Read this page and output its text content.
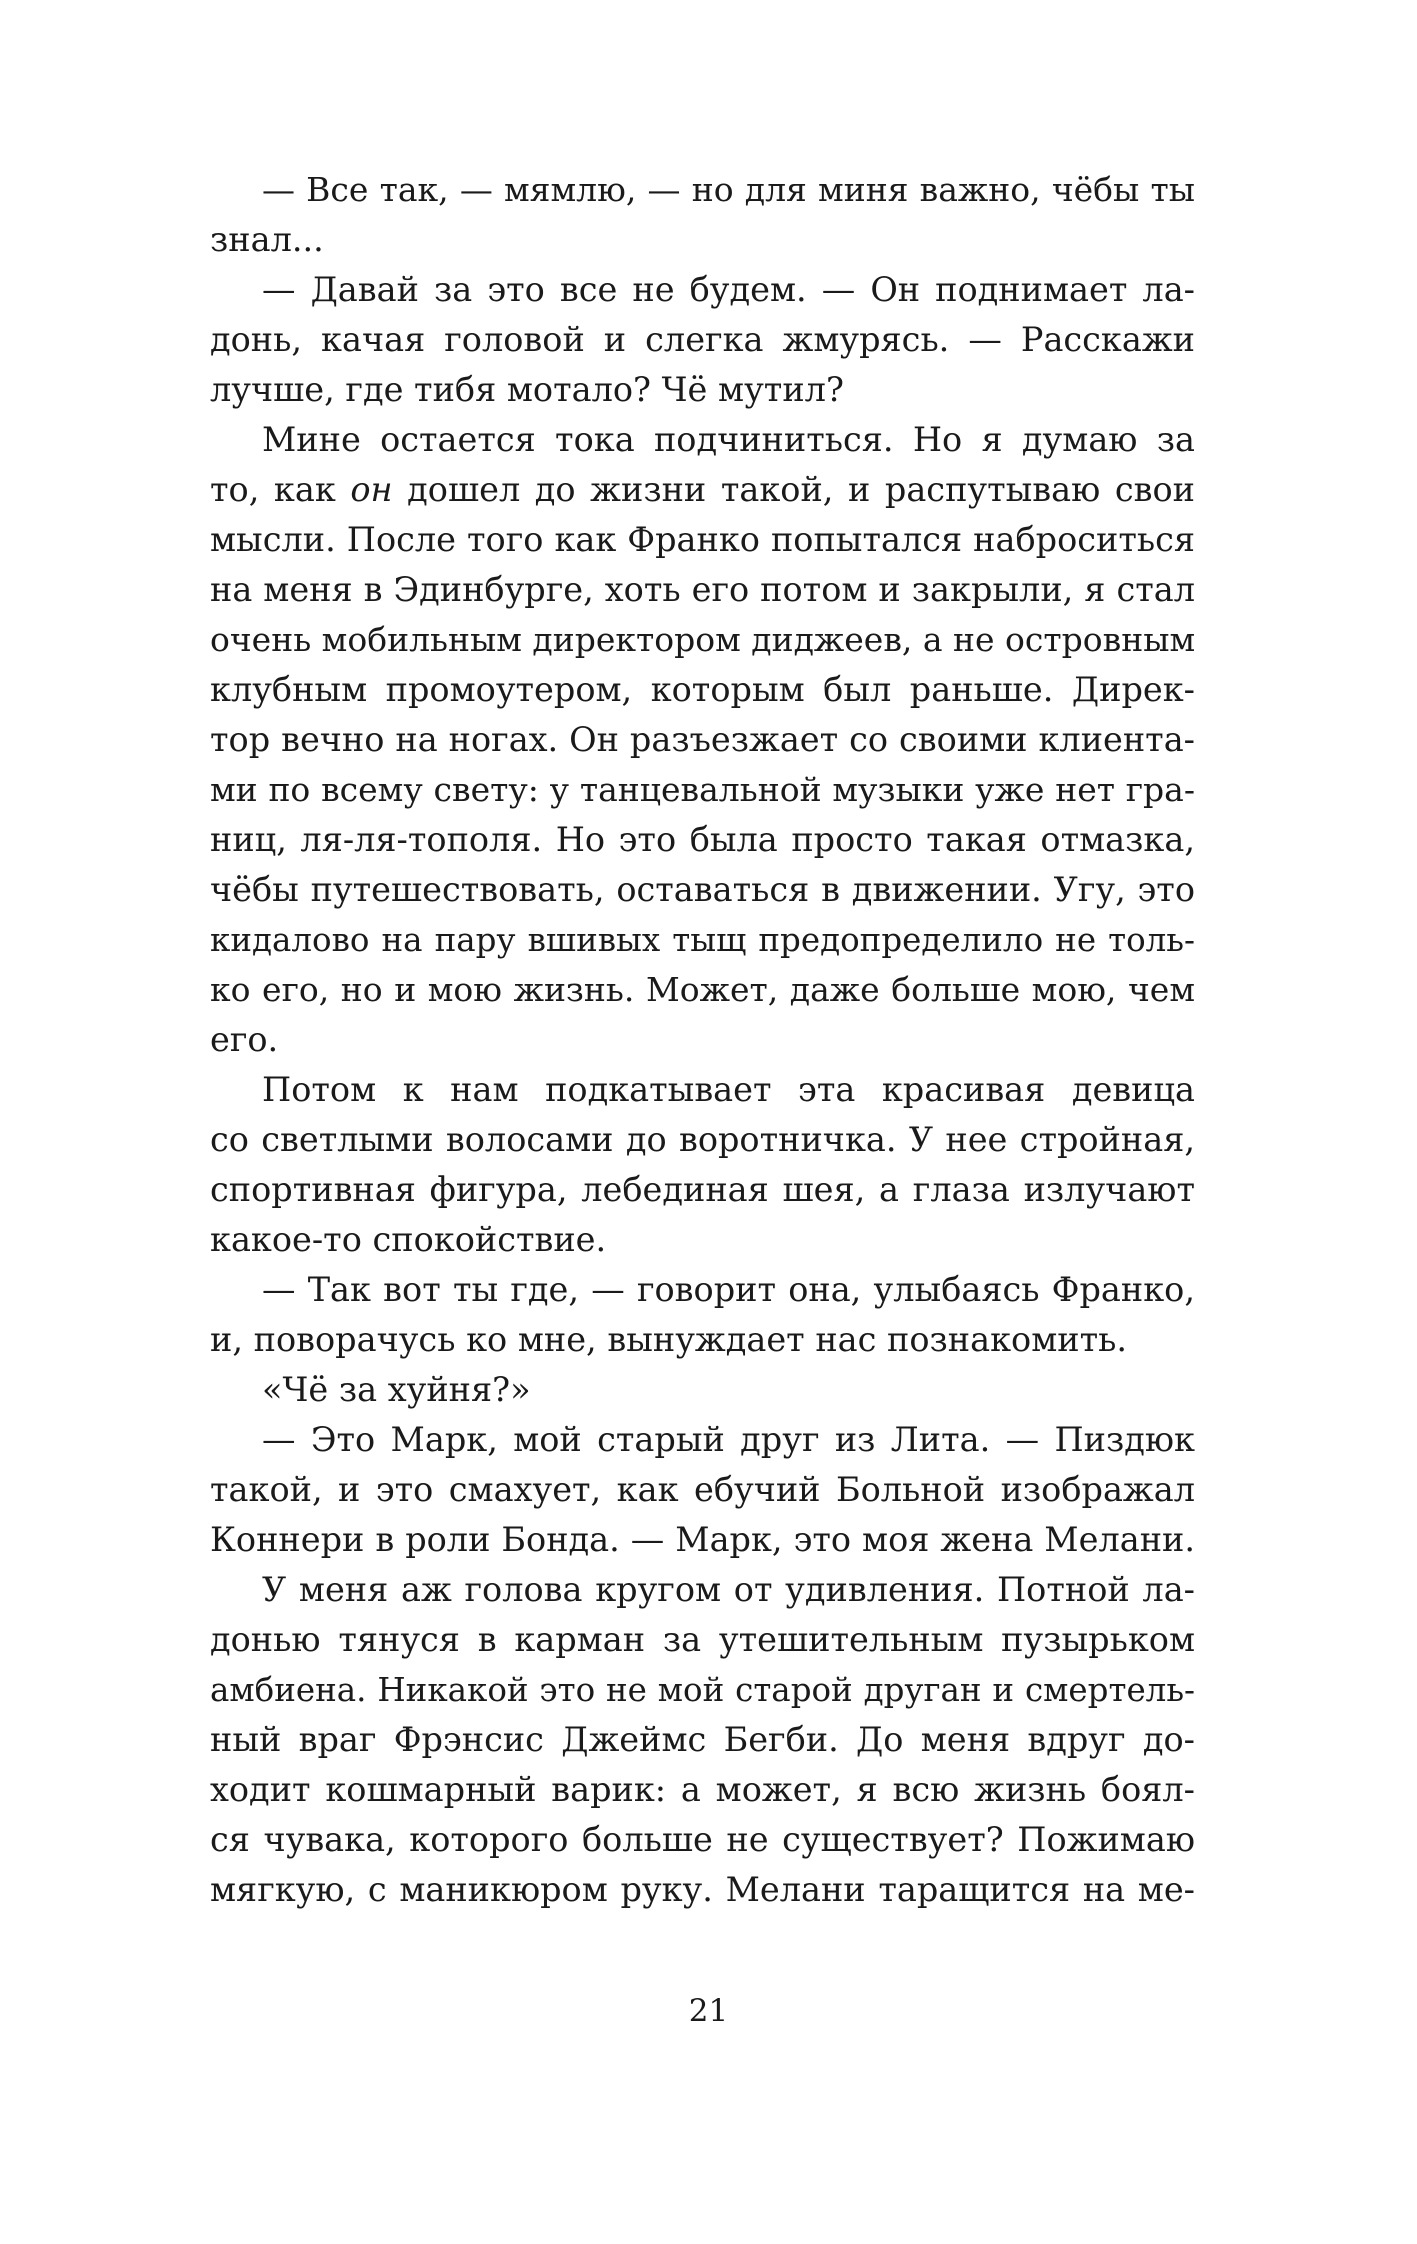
— Все так, — мямлю, — но для миня важно, чёбы ты
знал...
— Давай за это все не будем. — Он поднимает ла-
донь, качая головой и слегка жмурясь. — Расскажи
лучше, где тибя мотало? Чё мутил?
Мине остается тока подчиниться. Но я думаю за
то, как он дошел до жизни такой, и распутываю свои
мысли. После того как Франко попытался наброситься
на меня в Эдинбурге, хоть его потом и закрыли, я стал
очень мобильным директором диджеев, а не островным
клубным промоутером, которым был раньше. Дирек-
тор вечно на ногах. Он разъезжает со своими клиента-
ми по всему свету: у танцевальной музыки уже нет гра-
ниц, ля-ля-тополя. Но это была просто такая отмазка,
чёбы путешествовать, оставаться в движении. Угу, это
кидалово на пару вшивых тыщ предопределило не толь-
ко его, но и мою жизнь. Может, даже больше мою, чем
его.
Потом к нам подкатывает эта красивая девица
со светлыми волосами до воротничка. У нее стройная,
спортивная фигура, лебединая шея, а глаза излучают
какое-то спокойствие.
— Так вот ты где, — говорит она, улыбаясь Франко,
и, поворачусь ко мне, вынуждает нас познакомить.
«Чё за хуйня?»
— Это Марк, мой старый друг из Лита. — Пиздюк
такой, и это смахует, как ебучий Больной изображал
Коннери в роли Бонда. — Марк, это моя жена Мелани.
У меня аж голова кругом от удивления. Потной ла-
донью тянуся в карман за утешительным пузырьком
амбиена. Никакой это не мой старой друган и смертель-
ный враг Фрэнсис Джеймс Бегби. До меня вдруг до-
ходит кошмарный варик: а может, я всю жизнь боял-
ся чувака, которого больше не существует? Пожимаю
мягкую, с маникюром руку. Мелани таращится на ме-
21
